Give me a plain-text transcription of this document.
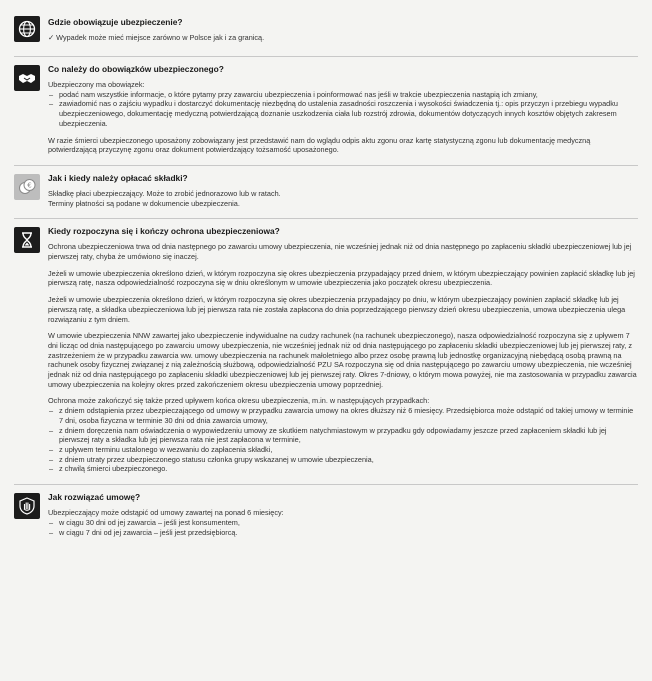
Gdzie obowiązuje ubezpieczenie?

✓ Wypadek może mieć miejsce zarówno w Polsce jak i za granicą.

Co należy do obowiązków ubezpieczonego?

Ubezpieczony ma obowiązek:

– podać nam wszystkie informacje, o które pytamy przy zawarciu ubezpieczenia i poinformować nas jeśli w trakcie ubezpieczenia nastąpią ich zmiany,
– zawiadomić nas o zajściu wypadku i dostarczyć dokumentację niezbędną do ustalenia zasadności roszczenia i wysokości świadczenia tj.: opis przyczyn i przebiegu wypadku ubezpieczeniowego, dokumentację medyczną potwierdzającą doznanie uszkodzenia ciała lub rozstrój zdrowia, dokumentów dotyczących innych kosztów objętych zakresem ubezpieczenia.

W razie śmierci ubezpieczonego uposażony zobowiązany jest przedstawić nam do wglądu odpis aktu zgonu oraz kartę statystyczną zgonu lub dokumentację medyczną potwierdzającą przyczynę zgonu oraz dokument potwierdzający tożsamość uposażonego.

€

Jak i kiedy należy opłacać składki?

Składkę płaci ubezpieczający. Może to zrobić jednorazowo lub w ratach.

Terminy płatności są podane w dokumencie ubezpieczenia.

Kiedy rozpoczyna się i kończy ochrona ubezpieczeniowa?

Ochrona ubezpieczeniowa trwa od dnia następnego po zawarciu umowy ubezpieczenia, nie wcześniej jednak niż od dnia następnego po zapłaceniu składki ubezpieczeniowej lub jej pierwszej raty, chyba że umówiono się inaczej.

Jeżeli w umowie ubezpieczenia określono dzień, w którym rozpoczyna się okres ubezpieczenia przypadający przed dniem, w którym ubezpieczający powinien zapłacić składkę lub jej pierwszą ratę, nasza odpowiedzialność rozpoczyna się w dniu określonym w umowie ubezpieczenia jako początek okresu ubezpieczenia.

Jeżeli w umowie ubezpieczenia określono dzień, w którym rozpoczyna się okres ubezpieczenia przypadający po dniu, w którym ubezpieczający powinien zapłacić składkę lub jej pierwszą ratę, a składka ubezpieczeniowa lub jej pierwsza rata nie została zapłacona do dnia poprzedzającego pierwszy dzień okresu ubezpieczenia, umowa ubezpieczenia ulega rozwiązaniu z tym dniem.

W umowie ubezpieczenia NNW zawartej jako ubezpieczenie indywidualne na cudzy rachunek (na rachunek ubezpieczonego), nasza odpowiedzialność rozpoczyna się z upływem 7 dni licząc od dnia następującego po zawarciu umowy ubezpieczenia, nie wcześniej jednak niż od dnia następującego po zapłaceniu składki ubezpieczeniowej lub jej pierwszej raty, z zastrzeżeniem że w przypadku zawarcia ww. umowy ubezpieczenia na rachunek małoletniego albo przez osobę prawną lub jednostkę organizacyjną niebędącą osobą prawną na rachunek osoby fizycznej związanej z nią zależnością służbową, odpowiedzialność PZU SA rozpoczyna się od dnia następującego po zawarciu umowy ubezpieczenia, nie wcześniej jednak niż od dnia następującego po zapłaceniu składki ubezpieczeniowej lub jej pierwszej raty. Okres 7-dniowy, o którym mowa powyżej, nie ma zastosowania w przypadku zawarcia umowy ubezpieczenia na kolejny okres przed zakończeniem okresu ubezpieczenia umowy poprzedniej.

Ochrona może zakończyć się także przed upływem końca okresu ubezpieczenia, m.in. w następujących przypadkach:

– z dniem odstąpienia przez ubezpieczającego od umowy w przypadku zawarcia umowy na okres dłuższy niż 6 miesięcy. Przedsiębiorca może odstąpić od takiej umowy w terminie 7 dni, osoba fizyczna w terminie 30 dni od dnia zawarcia umowy,
– z dniem doręczenia nam oświadczenia o wypowiedzeniu umowy ze skutkiem natychmiastowym w przypadku gdy odpowiadamy jeszcze przed zapłaceniem składki lub jej pierwszej raty a składka lub jej pierwsza rata nie jest zapłacona w terminie,
– z upływem terminu ustalonego w wezwaniu do zapłacenia składki,
– z dniem utraty przez ubezpieczonego statusu członka grupy wskazanej w umowie ubezpieczenia,
– z chwilą śmierci ubezpieczonego.

Jak rozwiązać umowę?

Ubezpieczający może odstąpić od umowy zawartej na ponad 6 miesięcy:

– w ciągu 30 dni od jej zawarcia – jeśli jest konsumentem,
– w ciągu 7 dni od jej zawarcia – jeśli jest przedsiębiorcą.
